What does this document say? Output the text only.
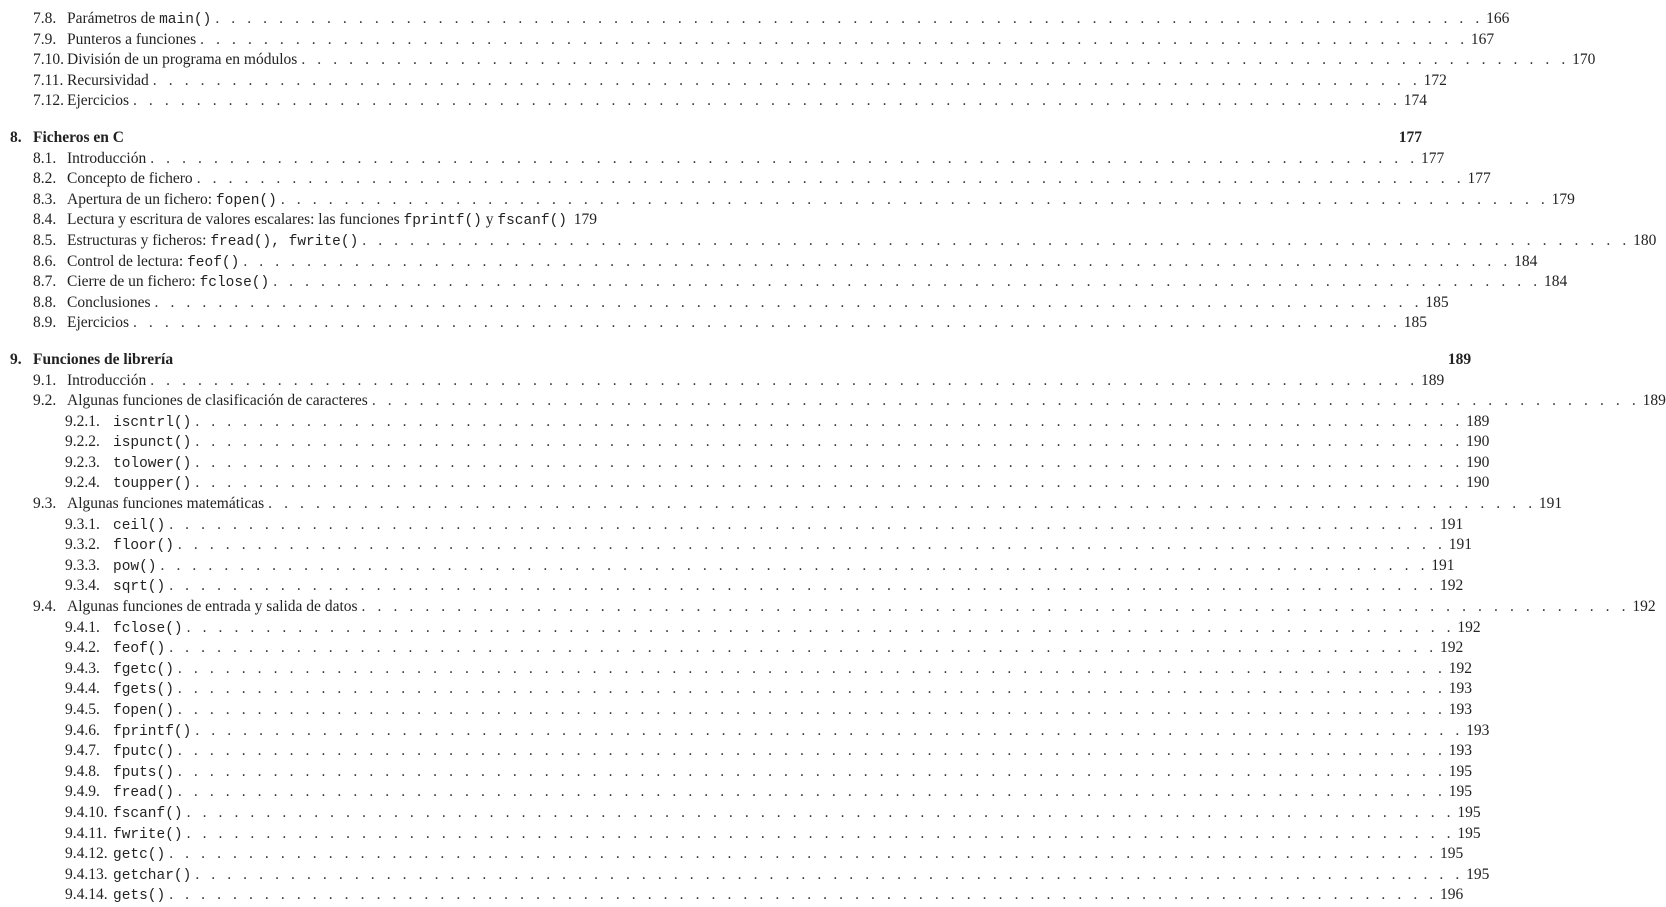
7.8. Parámetros de main() . . . . . . . . . . . . . . . . . . . . . . . . . . . . . . . . . . . . . . . . . . . . . . . . . . . . . . . . . . . . . . . . . . . . . . . . . . . . . . . . 166
7.9. Punteros a funciones . . . . . . . . . . . . . . . . . . . . . . . . . . . . . . . . . . . . . . . . . . . . . . . . . . . . . . . . . . . . . . . . . . . . . . . . . . . . . . . . 167
7.10. División de un programa en módulos . . . . . . . . . . . . . . . . . . . . . . . . . . . . . . . . . . . . . . . . . . . . . . . . . . . . . . . . . . . . . . . . . . . . . . . . . . . . . . . . 170
7.11. Recursividad . . . . . . . . . . . . . . . . . . . . . . . . . . . . . . . . . . . . . . . . . . . . . . . . . . . . . . . . . . . . . . . . . . . . . . . . . . . . . . . . 172
7.12. Ejercicios . . . . . . . . . . . . . . . . . . . . . . . . . . . . . . . . . . . . . . . . . . . . . . . . . . . . . . . . . . . . . . . . . . . . . . . . . . . . . . . . 174
8. Ficheros en C	177
8.1. Introducción . . . . . . . . . . . . . . . . . . . . . . . . . . . . . . . . . . . . . . . . . . . . . . . . . . . . . . . . . . . . . . . . . . . . . . . . . . . . . . . . 177
8.2. Concepto de fichero . . . . . . . . . . . . . . . . . . . . . . . . . . . . . . . . . . . . . . . . . . . . . . . . . . . . . . . . . . . . . . . . . . . . . . . . . . . . . . . . 177
8.3. Apertura de un fichero: fopen() . . . . . . . . . . . . . . . . . . . . . . . . . . . . . . . . . . . . . . . . . . . . . . . . . . . . . . . . . . . . . . . . . . . . . . . . . . . . . . . . 179
8.4. Lectura y escritura de valores escalares: las funciones fprintf() y fscanf() 179
8.5. Estructuras y ficheros: fread(), fwrite() . . . . . . . . . . . . . . . . . . . . . . . . . . . . . . . . . . . . . . . . . . . . . . . . . . . . . . . . . . . . . . . . . . . . . . . . . . . . . . . . 180
8.6. Control de lectura: feof() . . . . . . . . . . . . . . . . . . . . . . . . . . . . . . . . . . . . . . . . . . . . . . . . . . . . . . . . . . . . . . . . . . . . . . . . . . . . . . . . 184
8.7. Cierre de un fichero: fclose() . . . . . . . . . . . . . . . . . . . . . . . . . . . . . . . . . . . . . . . . . . . . . . . . . . . . . . . . . . . . . . . . . . . . . . . . . . . . . . . . 184
8.8. Conclusiones . . . . . . . . . . . . . . . . . . . . . . . . . . . . . . . . . . . . . . . . . . . . . . . . . . . . . . . . . . . . . . . . . . . . . . . . . . . . . . . . 185
8.9. Ejercicios . . . . . . . . . . . . . . . . . . . . . . . . . . . . . . . . . . . . . . . . . . . . . . . . . . . . . . . . . . . . . . . . . . . . . . . . . . . . . . . . 185
9. Funciones de librería	189
9.1. Introducción . . . . . . . . . . . . . . . . . . . . . . . . . . . . . . . . . . . . . . . . . . . . . . . . . . . . . . . . . . . . . . . . . . . . . . . . . . . . . . . . 189
9.2. Algunas funciones de clasificación de caracteres . . . . . . . . . . . . . . . . . . . . . . . . . . . . . . . . . . . . . . . . . . . . . . . . . . . . . . . . . . . . . . . . . . . . . . . . . . . . . . . . 189
9.2.1. iscntrl() . . . . . . . . . . . . . . . . . . . . . . . . . . . . . . . . . . . . . . . . . . . . . . . . . . . . . . . . . . . . . . . . . . . . . . . . . . . . . . . . 189
9.2.2. ispunct() . . . . . . . . . . . . . . . . . . . . . . . . . . . . . . . . . . . . . . . . . . . . . . . . . . . . . . . . . . . . . . . . . . . . . . . . . . . . . . . . 190
9.2.3. tolower() . . . . . . . . . . . . . . . . . . . . . . . . . . . . . . . . . . . . . . . . . . . . . . . . . . . . . . . . . . . . . . . . . . . . . . . . . . . . . . . . 190
9.2.4. toupper() . . . . . . . . . . . . . . . . . . . . . . . . . . . . . . . . . . . . . . . . . . . . . . . . . . . . . . . . . . . . . . . . . . . . . . . . . . . . . . . . 190
9.3. Algunas funciones matemáticas . . . . . . . . . . . . . . . . . . . . . . . . . . . . . . . . . . . . . . . . . . . . . . . . . . . . . . . . . . . . . . . . . . . . . . . . . . . . . . . . 191
9.3.1. ceil() . . . . . . . . . . . . . . . . . . . . . . . . . . . . . . . . . . . . . . . . . . . . . . . . . . . . . . . . . . . . . . . . . . . . . . . . . . . . . . . . 191
9.3.2. floor() . . . . . . . . . . . . . . . . . . . . . . . . . . . . . . . . . . . . . . . . . . . . . . . . . . . . . . . . . . . . . . . . . . . . . . . . . . . . . . . . 191
9.3.3. pow() . . . . . . . . . . . . . . . . . . . . . . . . . . . . . . . . . . . . . . . . . . . . . . . . . . . . . . . . . . . . . . . . . . . . . . . . . . . . . . . . 191
9.3.4. sqrt() . . . . . . . . . . . . . . . . . . . . . . . . . . . . . . . . . . . . . . . . . . . . . . . . . . . . . . . . . . . . . . . . . . . . . . . . . . . . . . . . 192
9.4. Algunas funciones de entrada y salida de datos . . . . . . . . . . . . . . . . . . . . . . . . . . . . . . . . . . . . . . . . . . . . . . . . . . . . . . . . . . . . . . . . . . . . . . . . . . . . . . . . 192
9.4.1. fclose() . . . . . . . . . . . . . . . . . . . . . . . . . . . . . . . . . . . . . . . . . . . . . . . . . . . . . . . . . . . . . . . . . . . . . . . . . . . . . . . . 192
9.4.2. feof() . . . . . . . . . . . . . . . . . . . . . . . . . . . . . . . . . . . . . . . . . . . . . . . . . . . . . . . . . . . . . . . . . . . . . . . . . . . . . . . . 192
9.4.3. fgetc() . . . . . . . . . . . . . . . . . . . . . . . . . . . . . . . . . . . . . . . . . . . . . . . . . . . . . . . . . . . . . . . . . . . . . . . . . . . . . . . . 192
9.4.4. fgets() . . . . . . . . . . . . . . . . . . . . . . . . . . . . . . . . . . . . . . . . . . . . . . . . . . . . . . . . . . . . . . . . . . . . . . . . . . . . . . . . 193
9.4.5. fopen() . . . . . . . . . . . . . . . . . . . . . . . . . . . . . . . . . . . . . . . . . . . . . . . . . . . . . . . . . . . . . . . . . . . . . . . . . . . . . . . . 193
9.4.6. fprintf() . . . . . . . . . . . . . . . . . . . . . . . . . . . . . . . . . . . . . . . . . . . . . . . . . . . . . . . . . . . . . . . . . . . . . . . . . . . . . . . . 193
9.4.7. fputc() . . . . . . . . . . . . . . . . . . . . . . . . . . . . . . . . . . . . . . . . . . . . . . . . . . . . . . . . . . . . . . . . . . . . . . . . . . . . . . . . 193
9.4.8. fputs() . . . . . . . . . . . . . . . . . . . . . . . . . . . . . . . . . . . . . . . . . . . . . . . . . . . . . . . . . . . . . . . . . . . . . . . . . . . . . . . . 195
9.4.9. fread() . . . . . . . . . . . . . . . . . . . . . . . . . . . . . . . . . . . . . . . . . . . . . . . . . . . . . . . . . . . . . . . . . . . . . . . . . . . . . . . . 195
9.4.10. fscanf() . . . . . . . . . . . . . . . . . . . . . . . . . . . . . . . . . . . . . . . . . . . . . . . . . . . . . . . . . . . . . . . . . . . . . . . . . . . . . . . . 195
9.4.11. fwrite() . . . . . . . . . . . . . . . . . . . . . . . . . . . . . . . . . . . . . . . . . . . . . . . . . . . . . . . . . . . . . . . . . . . . . . . . . . . . . . . . 195
9.4.12. getc() . . . . . . . . . . . . . . . . . . . . . . . . . . . . . . . . . . . . . . . . . . . . . . . . . . . . . . . . . . . . . . . . . . . . . . . . . . . . . . . . 195
9.4.13. getchar() . . . . . . . . . . . . . . . . . . . . . . . . . . . . . . . . . . . . . . . . . . . . . . . . . . . . . . . . . . . . . . . . . . . . . . . . . . . . . . . . 195
9.4.14. gets() . . . . . . . . . . . . . . . . . . . . . . . . . . . . . . . . . . . . . . . . . . . . . . . . . . . . . . . . . . . . . . . . . . . . . . . . . . . . . . . . 196
